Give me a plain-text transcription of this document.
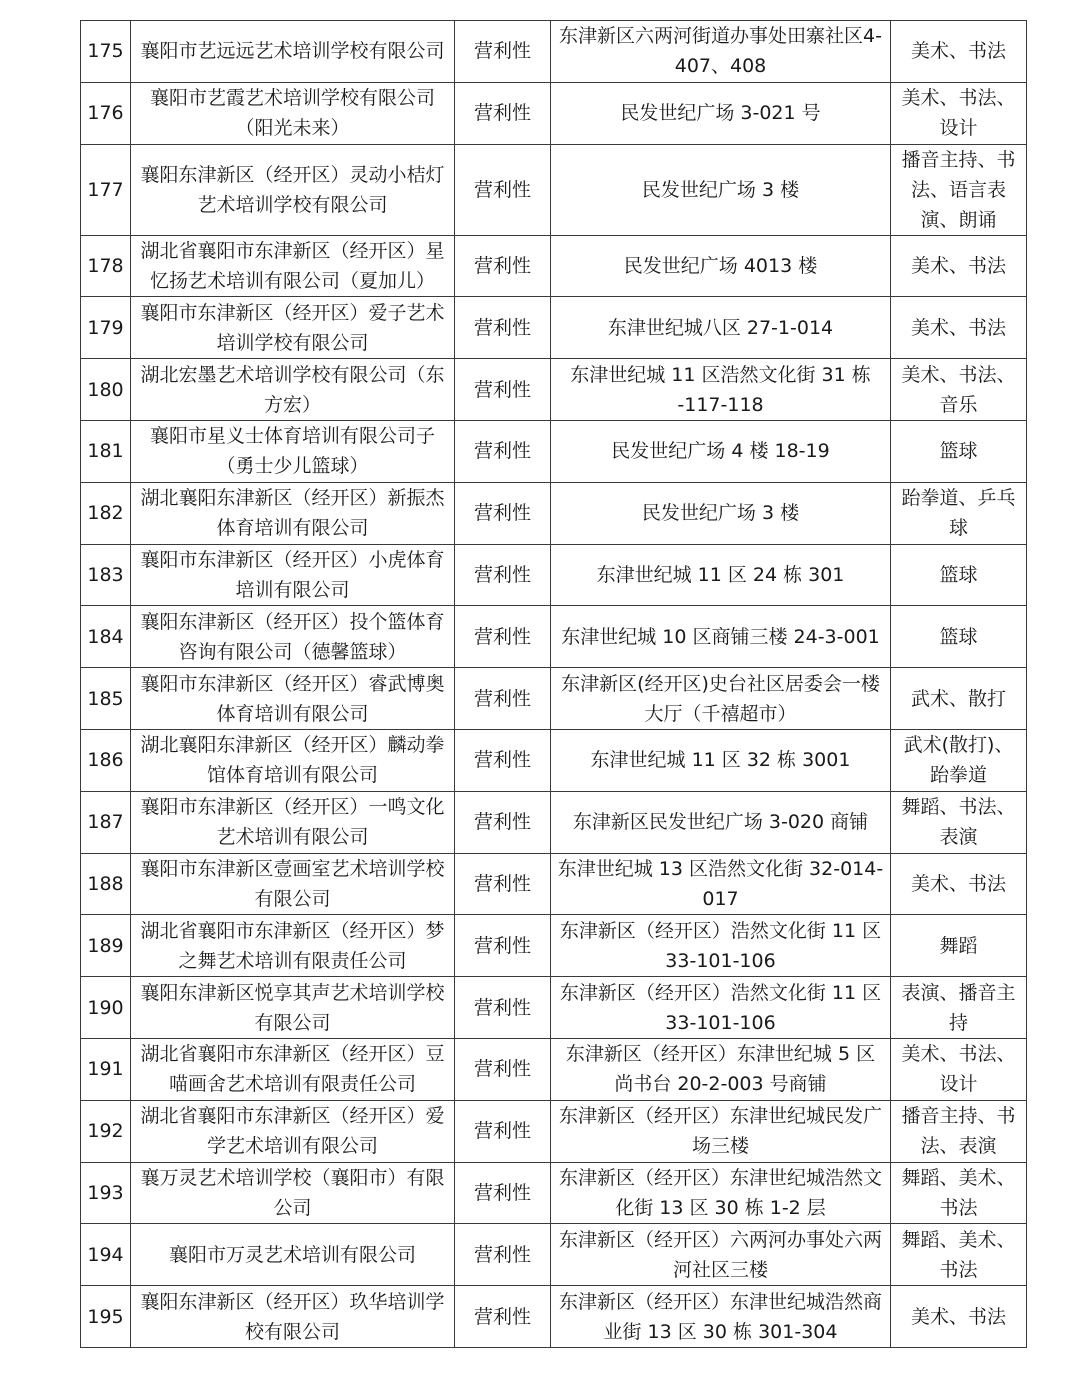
175	襄阳市艺远远艺术培训学校有限公司	营利性	东津新区六两河街道办事处田寨社区4-407、408	美术、书法
176	襄阳市艺霞艺术培训学校有限公司（阳光未来）	营利性	民发世纪广场 3-021 号	美术、书法、设计
177	襄阳东津新区（经开区）灵动小桔灯艺术培训学校有限公司	营利性	民发世纪广场 3 楼	播音主持、书法、语言表演、朗诵
178	湖北省襄阳市东津新区（经开区）星忆扬艺术培训有限公司（夏加儿）	营利性	民发世纪广场 4013 楼	美术、书法
179	襄阳市东津新区（经开区）爱子艺术培训学校有限公司	营利性	东津世纪城八区 27-1-014	美术、书法
180	湖北宏墨艺术培训学校有限公司（东方宏）	营利性	东津世纪城 11 区浩然文化街 31 栋 -117-118	美术、书法、音乐
181	襄阳市星义士体育培训有限公司子（勇士少儿篮球）	营利性	民发世纪广场 4 楼 18-19	篮球
182	湖北襄阳东津新区（经开区）新振杰体育培训有限公司	营利性	民发世纪广场 3 楼	跆拳道、乒乓球
183	襄阳市东津新区（经开区）小虎体育培训有限公司	营利性	东津世纪城 11 区 24 栋 301	篮球
184	襄阳东津新区（经开区）投个篮体育咨询有限公司（德馨篮球）	营利性	东津世纪城 10 区商铺三楼 24-3-001	篮球
185	襄阳市东津新区（经开区）睿武博奥体育培训有限公司	营利性	东津新区(经开区)史台社区居委会一楼大厅（千禧超市）	武术、散打
186	湖北襄阳东津新区（经开区）麟动拳馆体育培训有限公司	营利性	东津世纪城 11 区 32 栋 3001	武术(散打)、跆拳道
187	襄阳市东津新区（经开区）一鸣文化艺术培训有限公司	营利性	东津新区民发世纪广场 3-020 商铺	舞蹈、书法、表演
188	襄阳市东津新区壹画室艺术培训学校有限公司	营利性	东津世纪城 13 区浩然文化街 32-014-017	美术、书法
189	湖北省襄阳市东津新区（经开区）梦之舞艺术培训有限责任公司	营利性	东津新区（经开区）浩然文化街 11 区 33-101-106	舞蹈
190	襄阳东津新区悦享其声艺术培训学校有限公司	营利性	东津新区（经开区）浩然文化街 11 区 33-101-106	表演、播音主持
191	湖北省襄阳市东津新区（经开区）豆喵画舍艺术培训有限责任公司	营利性	东津新区（经开区）东津世纪城 5 区尚书台 20-2-003 号商铺	美术、书法、设计
192	湖北省襄阳市东津新区（经开区）爱学艺术培训有限公司	营利性	东津新区（经开区）东津世纪城民发广场三楼	播音主持、书法、表演
193	襄万灵艺术培训学校（襄阳市）有限公司	营利性	东津新区（经开区）东津世纪城浩然文化街 13 区 30 栋 1-2 层	舞蹈、美术、书法
194	襄阳市万灵艺术培训有限公司	营利性	东津新区（经开区）六两河办事处六两河社区三楼	舞蹈、美术、书法
195	襄阳东津新区（经开区）玖华培训学校有限公司	营利性	东津新区（经开区）东津世纪城浩然商业街 13 区 30 栋 301-304	美术、书法
